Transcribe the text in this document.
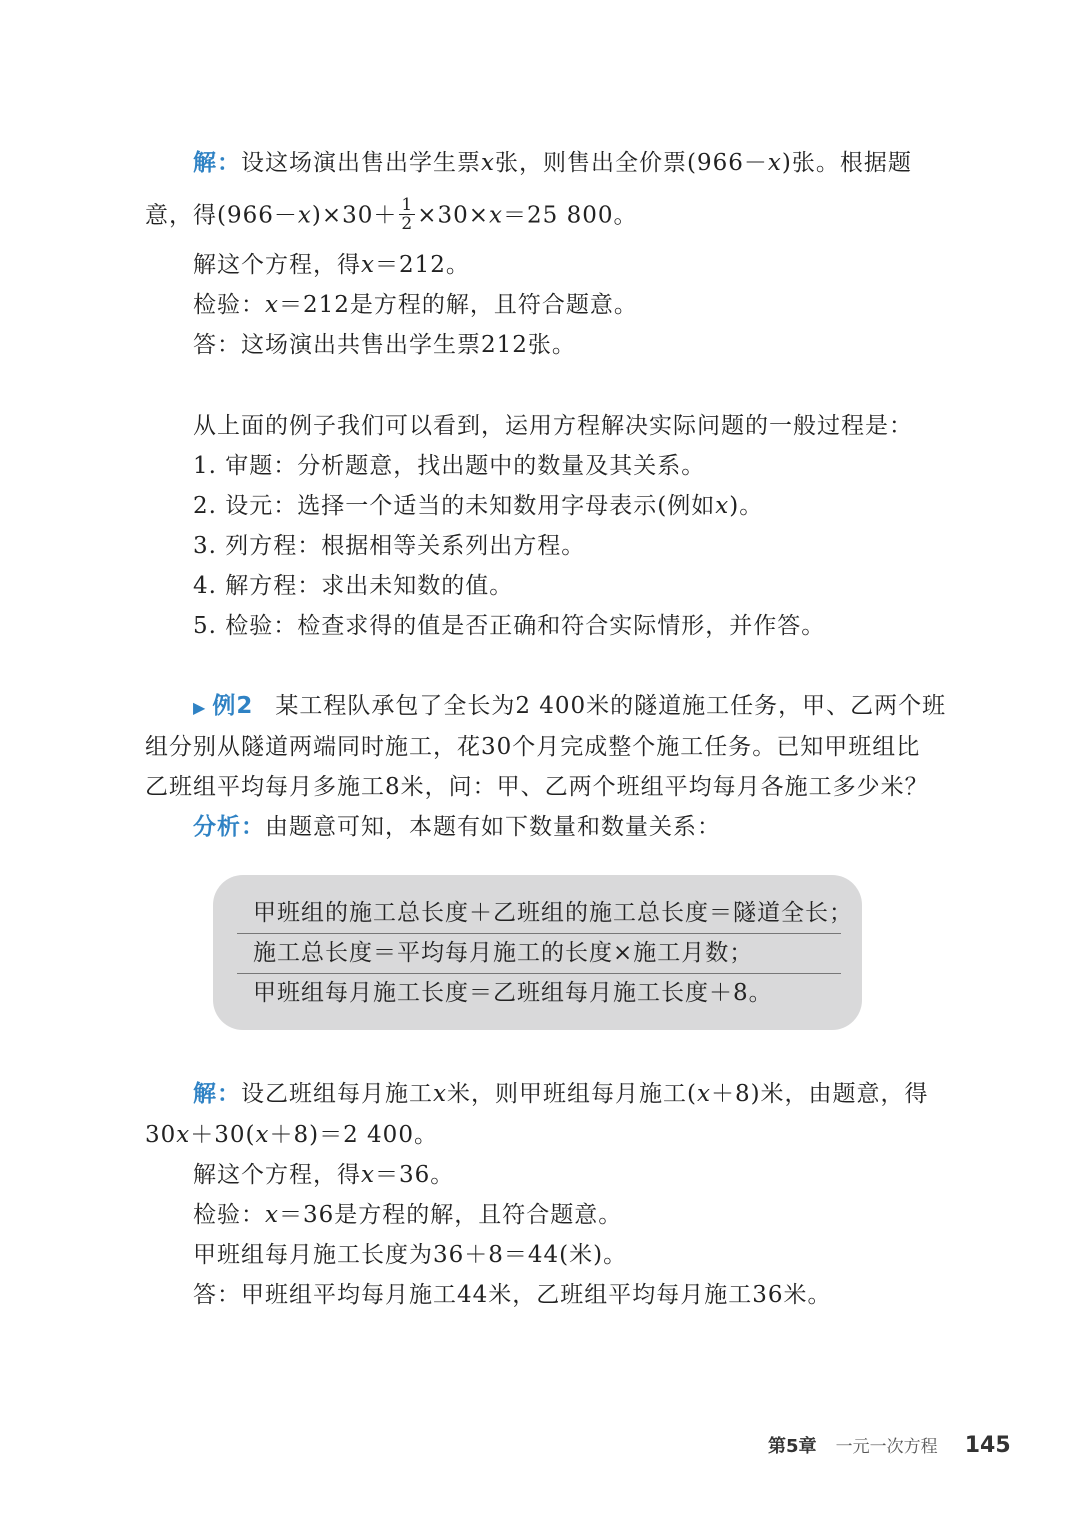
解：设这场演出售出学生票x张，则售出全价票(966－x)张。根据题
意，得$(966-x)\times 30+ \frac{1}{2} \times 30\times x=25$ 800。
解这个方程，得x＝212。
检验：x＝212是方程的解，且符合题意。
答：这场演出共售出学生票212张。
从上面的例子我们可以看到，运用方程解决实际问题的一般过程是：
1. 审题：分析题意，找出题中的数量及其关系。
2. 设元：选择一个适当的未知数用字母表示(例如x)。
3. 列方程：根据相等关系列出方程。
4. 解方程：求出未知数的值。
5. 检验：检查求得的值是否正确和符合实际情形，并作答。
▶ 例2 某工程队承包了全长为2 400米的隧道施工任务，甲、乙两个班
组分别从隧道两端同时施工，花30个月完成整个施工任务。已知甲班组比
乙班组平均每月多施工8米，问：甲、乙两个班组平均每月各施工多少米？
分析：由题意可知，本题有如下数量和数量关系：
甲班组的施工总长度＋乙班组的施工总长度＝隧道全长；
施工总长度＝平均每月施工的长度×施工月数；
甲班组每月施工长度＝乙班组每月施工长度＋8。
解：设乙班组每月施工x米，则甲班组每月施工(x＋8)米，由题意，得
30x＋30(x＋8)＝2 400。
解这个方程，得x＝36。
检验：x＝36是方程的解，且符合题意。
甲班组每月施工长度为36＋8＝44(米)。
答：甲班组平均每月施工44米，乙班组平均每月施工36米。
第5章 一元一次方程 145
